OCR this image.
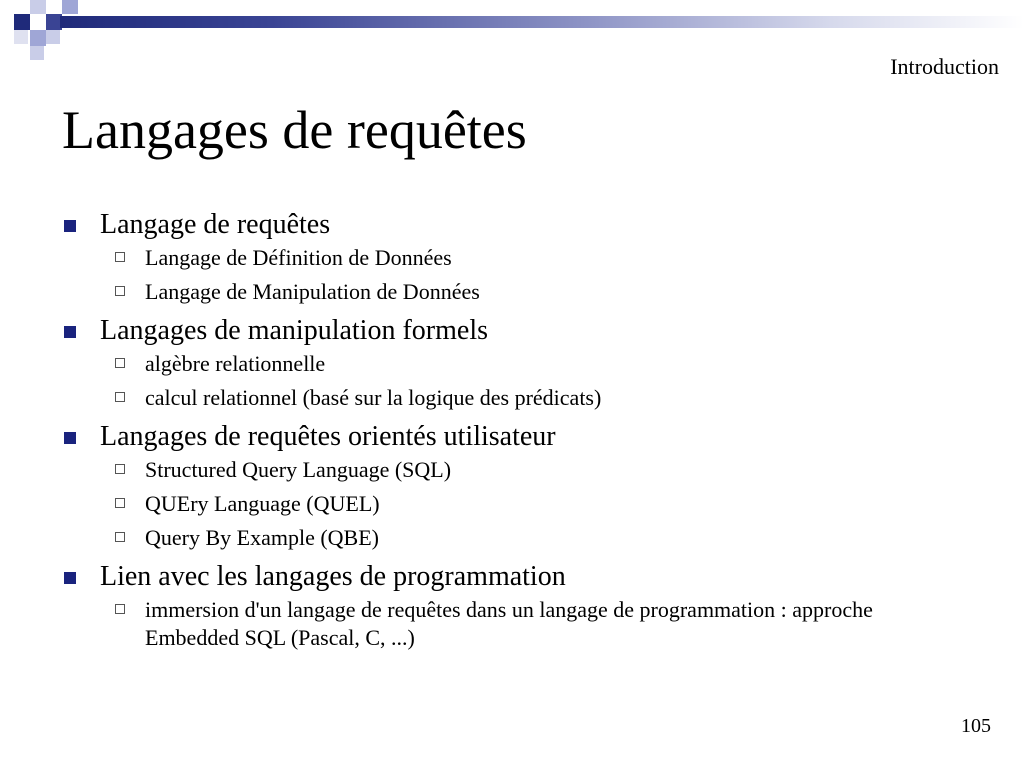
Introduction
Langages de requêtes
Langage de requêtes
Langage de Définition de Données
Langage de Manipulation de Données
Langages de manipulation formels
algèbre relationnelle
calcul relationnel (basé sur la logique des prédicats)
Langages de requêtes orientés utilisateur
Structured Query Language (SQL)
QUEry Language (QUEL)
Query By Example (QBE)
Lien avec les langages de programmation
immersion d'un langage de requêtes dans un langage de programmation : approche Embedded SQL (Pascal, C, ...)
105
